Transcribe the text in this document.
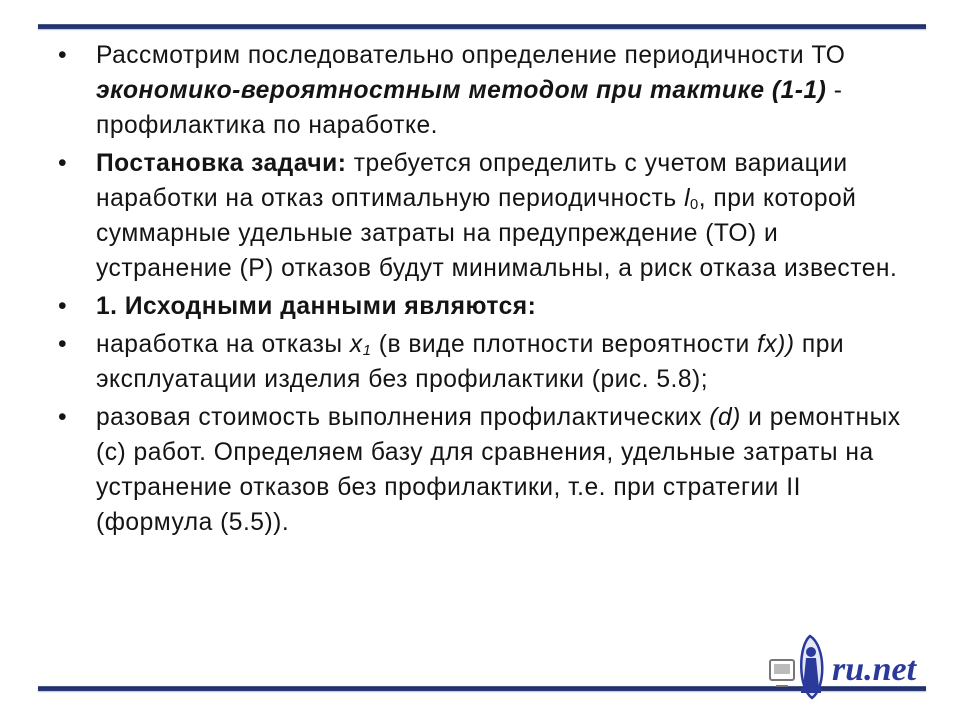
• Рассмотрим последовательно определение периодичности ТО экономико-вероятностным методом при тактике (1-1) - профилактика по наработке.
• Постановка задачи: требуется определить с учетом вариации наработки на отказ оптимальную периодичность $l_0$, при которой суммарные удельные затраты на предупреждение (ТО) и устранение (Р) отказов будут минимальны, а риск отказа известен.
• 1. Исходными данными являются:
• наработка на отказы $x_1$ (в виде плотности вероятности fx)) при эксплуатации изделия без профилактики (рис. 5.8);
• разовая стоимость выполнения профилактических (d) и ремонтных (с) работ. Определяем базу для сравнения, удельные затраты на устранение отказов без профилактики, т.е. при стратегии II (формула (5.5)).
ru.net
